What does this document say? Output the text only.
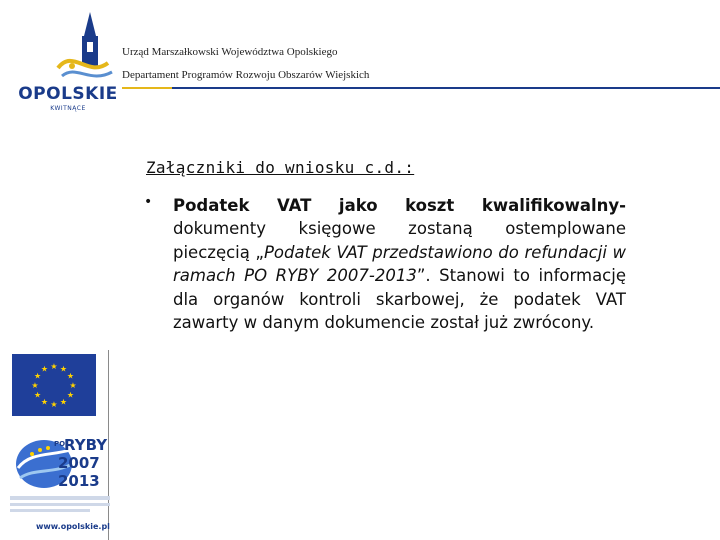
OPOLSKIE
KWITNĄCE
Urząd Marszałkowski Województwa Opolskiego
Departament Programów Rozwoju Obszarów Wiejskich
Załączniki do wniosku c.d.:
• Podatek VAT jako koszt kwalifikowalny- dokumenty księgowe zostaną ostemplowane pieczęcią „Podatek VAT przedstawiono do refundacji w ramach PO RYBY 2007-2013”. Stanowi to informację dla organów kontroli skarbowej, że podatek VAT zawarty w danym dokumencie został już zwrócony.
★ ★
★
★
★
★
★
★
★
★
★
★
PO
RYBY
2007
2013
www.opolskie.pl
